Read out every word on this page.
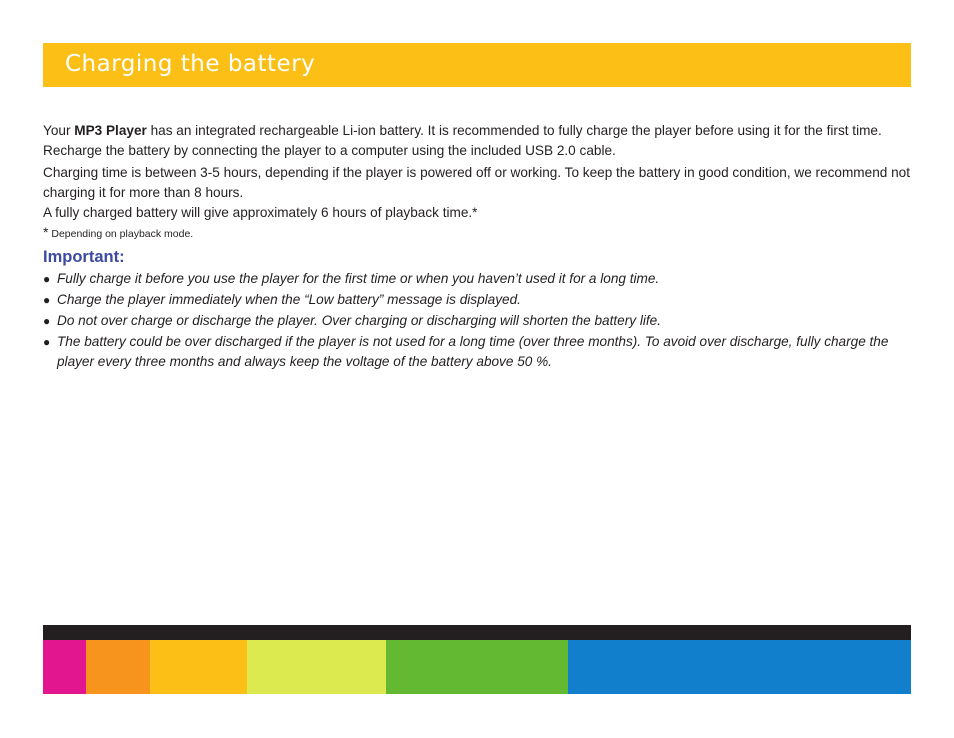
Charging the battery

Your MP3 Player has an integrated rechargeable Li-ion battery. It is recommended to fully charge the player before using it for the first time.

Recharge the battery by connecting the player to a computer using the included USB 2.0 cable.

Charging time is between 3-5 hours, depending if the player is powered off or working. To keep the battery in good condition, we recommend not charging it for more than 8 hours.

A fully charged battery will give approximately 6 hours of playback time.*

* Depending on playback mode.

Important:

● Fully charge it before you use the player for the first time or when you haven’t used it for a long time.
● Charge the player immediately when the “Low battery” message is displayed.
● Do not over charge or discharge the player. Over charging or discharging will shorten the battery life.
● The battery could be over discharged if the player is not used for a long time (over three months). To avoid over discharge, fully charge the player every three months and always keep the voltage of the battery above 50 %.
